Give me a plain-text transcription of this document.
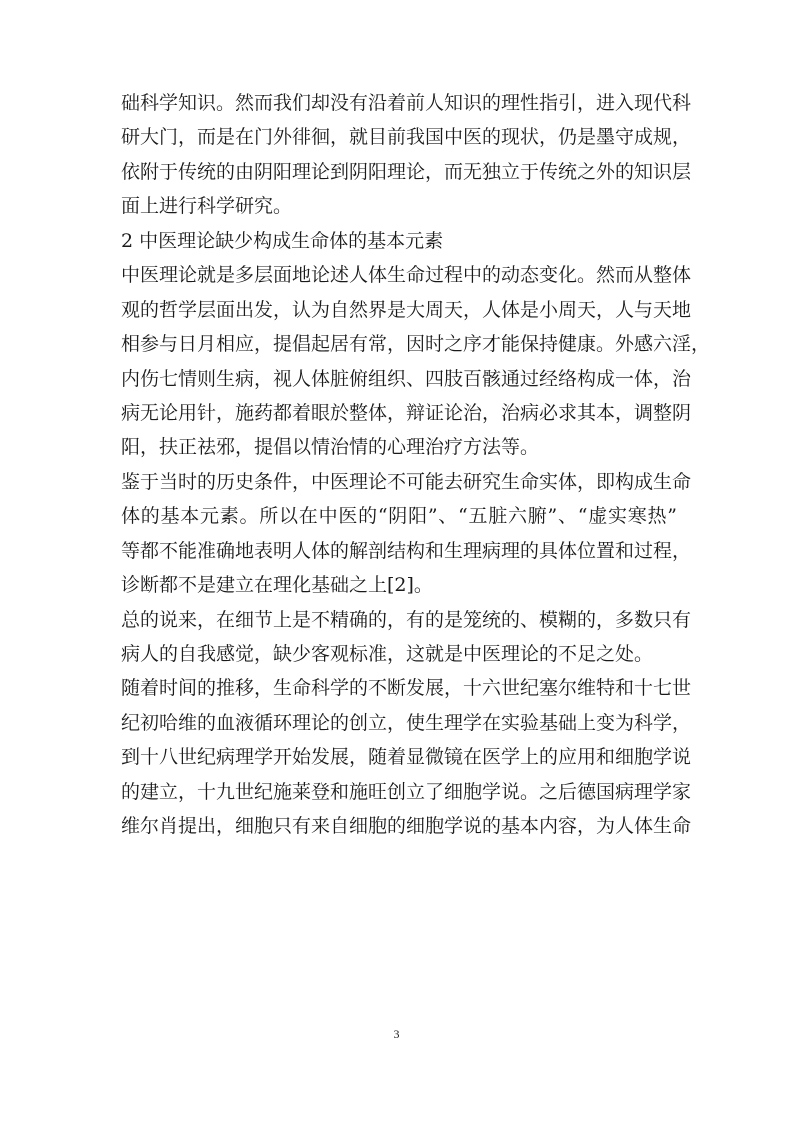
础科学知识。然而我们却没有沿着前人知识的理性指引，进入现代科
研大门，而是在门外徘徊，就目前我国中医的现状，仍是墨守成规，
依附于传统的由阴阳理论到阴阳理论，而无独立于传统之外的知识层
面上进行科学研究。
2 中医理论缺少构成生命体的基本元素
中医理论就是多层面地论述人体生命过程中的动态变化。然而从整体
观的哲学层面出发，认为自然界是大周天，人体是小周天，人与天地
相参与日月相应，提倡起居有常，因时之序才能保持健康。外感六淫，
内伤七情则生病，视人体脏俯组织、四肢百骸通过经络构成一体，治
病无论用针，施药都着眼於整体，辩证论治，治病必求其本，调整阴
阳，扶正祛邪，提倡以情治情的心理治疗方法等。
鉴于当时的历史条件，中医理论不可能去研究生命实体，即构成生命
体的基本元素。所以在中医的“阴阳”、“五脏六腑”、“虚实寒热”
等都不能准确地表明人体的解剖结构和生理病理的具体位置和过程，
诊断都不是建立在理化基础之上[2]。
总的说来，在细节上是不精确的，有的是笼统的、模糊的，多数只有
病人的自我感觉，缺少客观标准，这就是中医理论的不足之处。
随着时间的推移，生命科学的不断发展，十六世纪塞尔维特和十七世
纪初哈维的血液循环理论的创立，使生理学在实验基础上变为科学，
到十八世纪病理学开始发展，随着显微镜在医学上的应用和细胞学说
的建立，十九世纪施莱登和施旺创立了细胞学说。之后德国病理学家
维尔肖提出，细胞只有来自细胞的细胞学说的基本内容，为人体生命
3
